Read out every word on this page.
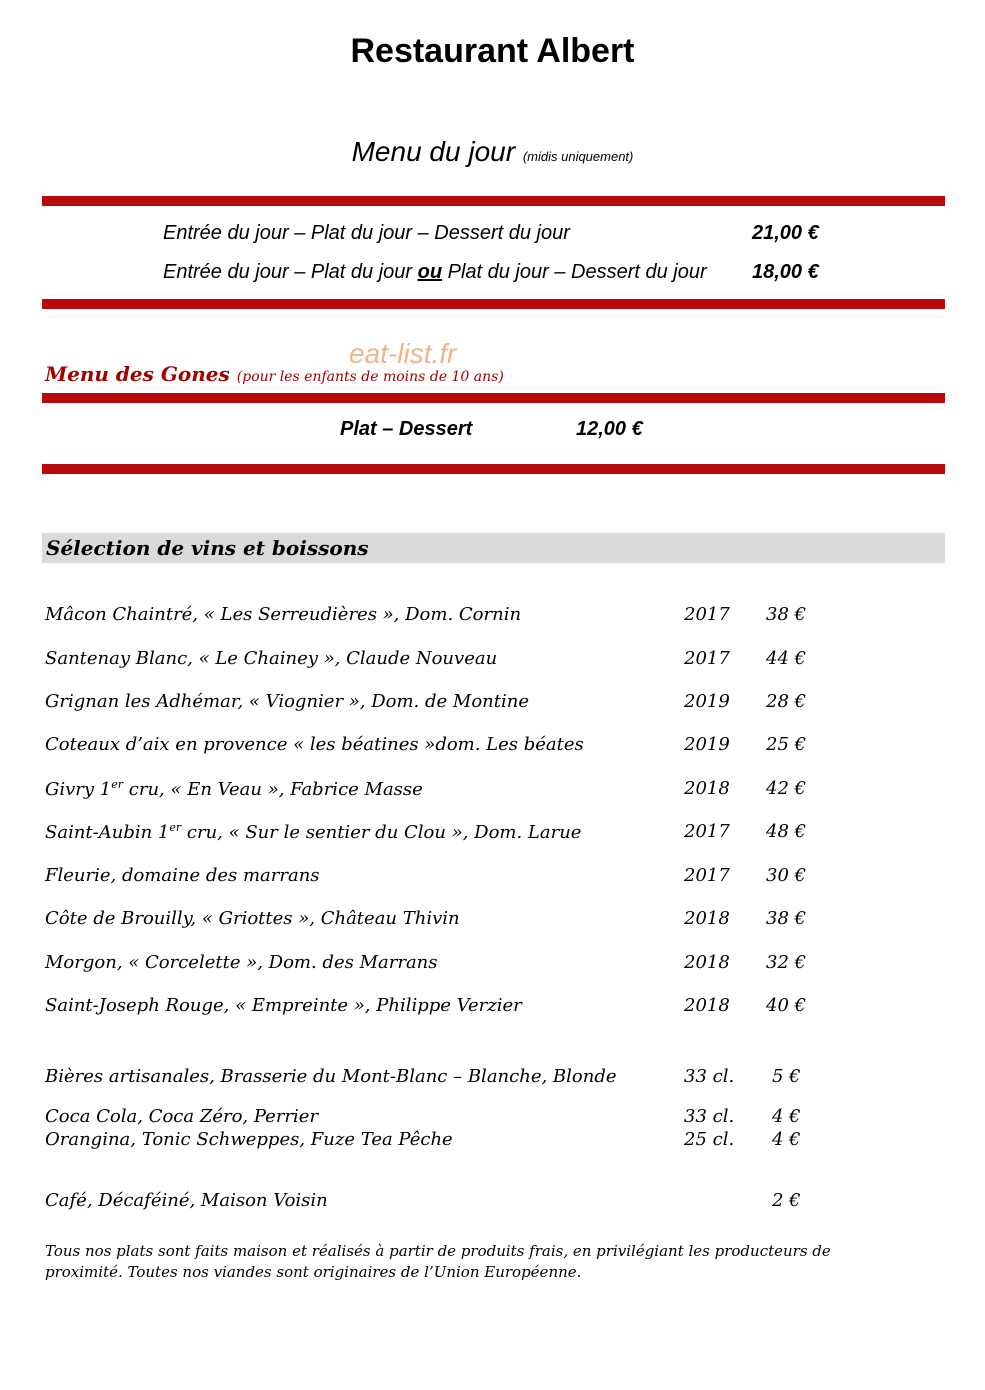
Restaurant Albert
Menu du jour (midis uniquement)
Entrée du jour – Plat du jour – Dessert du jour	21,00 €
Entrée du jour – Plat du jour ou Plat du jour – Dessert du jour 18,00 €
eat-list.fr
Menu des Gones (pour les enfants de moins de 10 ans)
Plat – Dessert	12,00 €
Sélection de vins et boissons
Mâcon Chaintré, « Les Serreudières », Dom. Cornin	2017 38 €
Santenay Blanc, « Le Chainey », Claude Nouveau	2017 44 €
Grignan les Adhémar, « Viognier », Dom. de Montine	2019 28 €
Coteaux d’aix en provence « les béatines »dom. Les béates	2019 25 €
Givry 1er cru, « En Veau », Fabrice Masse	2018 42 €
Saint-Aubin 1er cru, « Sur le sentier du Clou », Dom. Larue	2017 48 €
Fleurie, domaine des marrans	2017 30 €
Côte de Brouilly, « Griottes », Château Thivin	2018 38 €
Morgon, « Corcelette », Dom. des Marrans	2018 32 €
Saint-Joseph Rouge, « Empreinte », Philippe Verzier	2018 40 €
Bières artisanales, Brasserie du Mont-Blanc – Blanche, Blonde	33 cl. 5 €
Coca Cola, Coca Zéro, Perrier	33 cl. 4 €
Orangina, Tonic Schweppes, Fuze Tea Pêche	25 cl. 4 €
Café, Décaféiné, Maison Voisin	2 €
Tous nos plats sont faits maison et réalisés à partir de produits frais, en privilégiant les producteurs de proximité. Toutes nos viandes sont originaires de l’Union Européenne.
